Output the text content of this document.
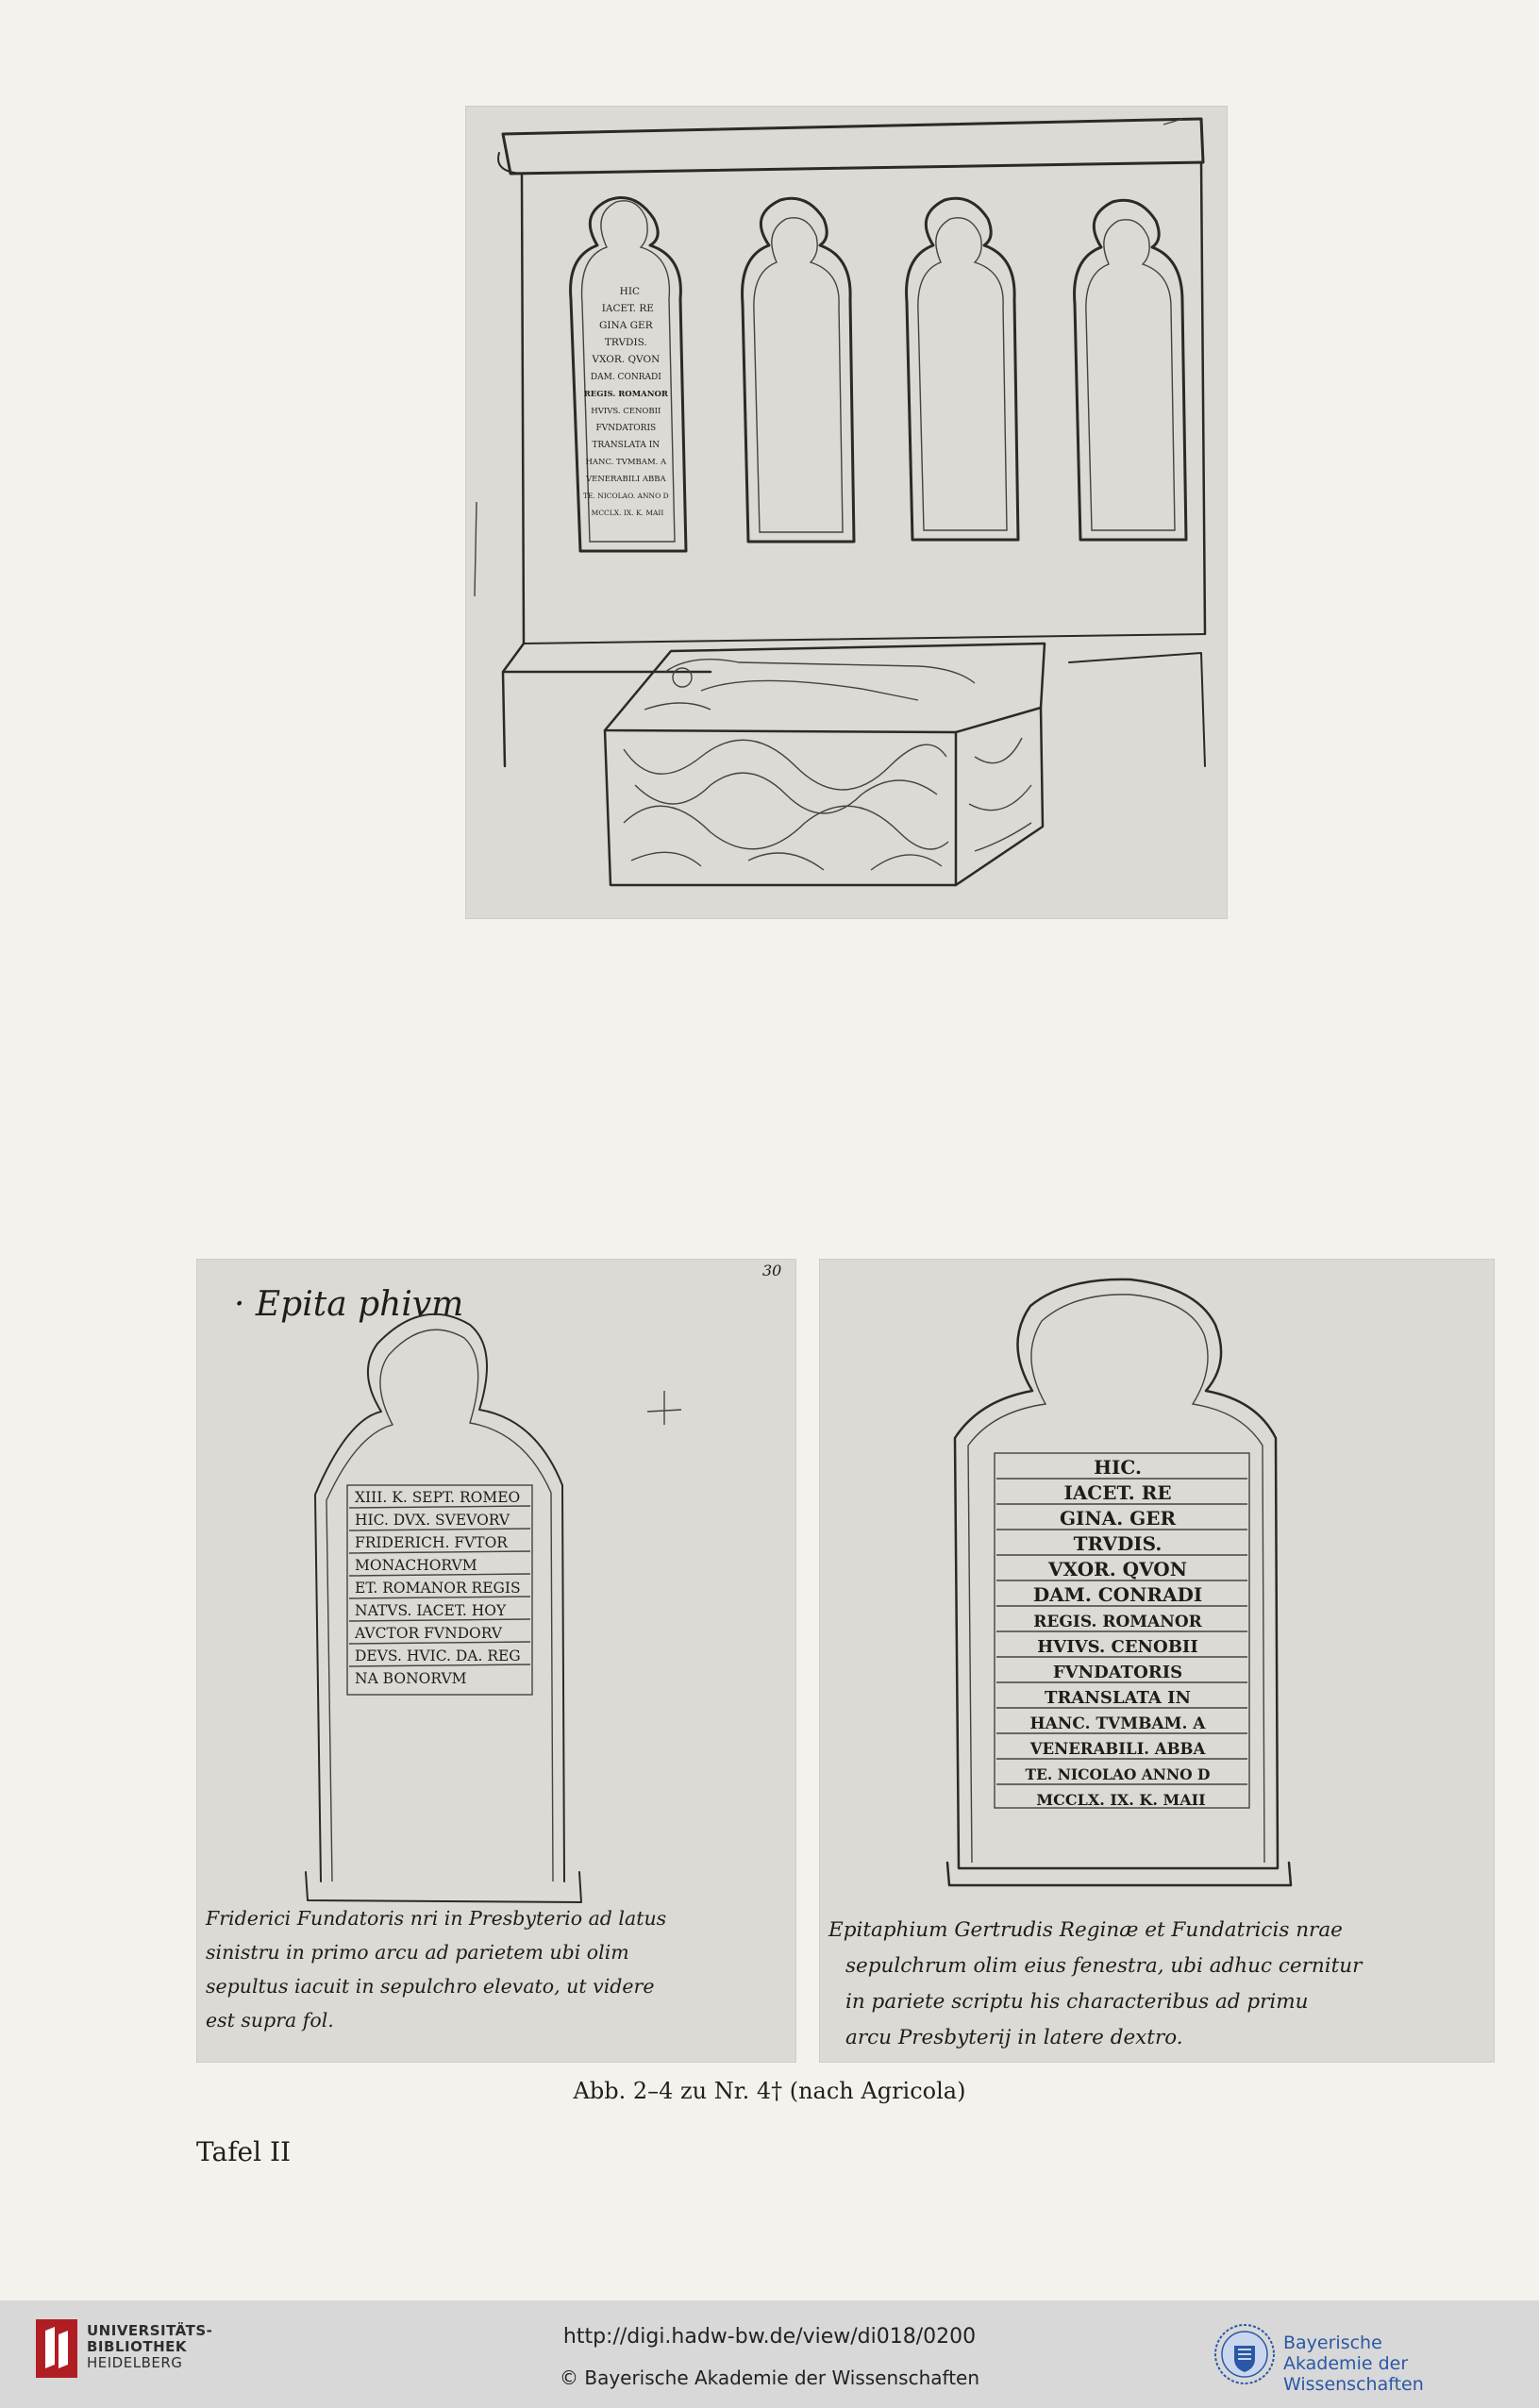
HIC IACET. RE GINA GER TRVDIS. VXOR. QVON DAM. CONRADI REGIS. ROMANOR HVIVS. CENOBII FVNDATORIS TRANSLATA IN HANC. TVMBAM. A VENERABILI ABBA TE. NICOLAO. ANNO D MCCLX. IX. K. MAII
· Epita phivm
30
XIII. K. SEPT. ROMEO HIC. DVX. SVEVORV FRIDERICH. FVTOR MONACHORVM ET. ROMANOR REGIS NATVS. IACET. HOY AVCTOR FVNDORV DEVS. HVIC. DA. REG NA BONORVM
Friderici Fundatoris nri in Presbyterio ad latus sinistru in primo arcu ad parietem ubi olim sepultus iacuit in sepulchro elevato, ut videre est supra fol.
HIC. IACET. RE GINA. GER TRVDIS. VXOR. QVON DAM. CONRADI REGIS. ROMANOR HVIVS. CENOBII FVNDATORIS TRANSLATA IN HANC. TVMBAM. A VENERABILI. ABBA TE. NICOLAO ANNO D MCCLX. IX. K. MAII
Epitaphium Gertrudis Reginæ et Fundatricis nrae sepulchrum olim eius fenestra, ubi adhuc cernitur in pariete scriptu his characteribus ad primu arcu Presbyterij in latere dextro.
Abb. 2–4 zu Nr. 4† (nach Agricola)
Tafel II
UNIVERSITÄTS-
BIBLIOTHEK
HEIDELBERG
http://digi.hadw-bw.de/view/di018/0200
© Bayerische Akademie der Wissenschaften
Bayerische
Akademie der Wissenschaften
